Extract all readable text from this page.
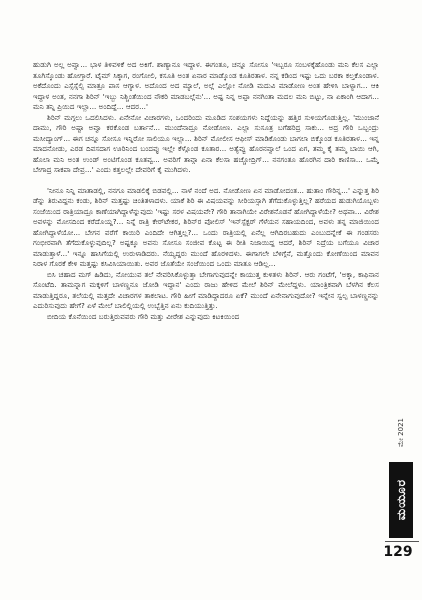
ಹುಡುಗಿ ಅಲ್ಲ ಅವ್ವಾ... ಭಾಳ ತಿಳಿವಳಿಕೆ ಅದ ಅಕಿಗೆ. ಶಾಣ್ಯಾನೂ ಇದ್ದಾಳ. ಈಗಂತೂ, ಚನ್ನೂ ಸೋಸೂ 'ಇಬ್ಬರೂ ಸಂಬಳಕ್ಕೆಹೊಂಡು ಮನಿ ಕೆಲಸ ಎಲ್ಲಾ ತೂಗಿಸ್ಕೊಂಡು ಹೋಗ್ತಾರೆ. ಟೈಮ್ ಸಿಕ್ಕಾಗ, ರಂಗೋಲಿ, ಕಸೂತಿ ಅಂತ ಏನಾರ ಮಾಡ್ಕೊಂಡ ಕೂತಿರತಾಳ. ನನ್ನ ಕಡಿಂದ ಇಷ್ಟು ಒದು ಬರಕಾ ಕಲ್ತಕೊಂಡಾಳ. ಅಕೆದೊಂದು ಎಸ್ಸೆಸ್ಸೆಲ್ಸಿ ಮಾತ್ರೂ ಪಾಸ ಆಗ್ಯಾಳ. ಅದೊಂದ ಅದ ಮ್ಯಾಲೆ, ಅಲ್ಲೆ ಎಲ್ಲೋ ನೋಡಿ ಮದುವಿ ಮಾಡೋಣ ಅಂತ ಹೇಳಿಸಿ ಬಾಳ್ಯಾಗ... ಆಕಿ ಇದ್ದಾಳ ಅಂತ, ನನಗಾ ಶಿರಿನ್ 'ಇಬ್ಬು ನಿಶ್ಚಿಂತೆಯಿಂದ ನೌಕರಿ ಮಾಡಬಲ್ಲೆನು'... ಅಷ್ಟ ನಿನ್ನ ಅಪ್ಪಾ ನನಗಿಂತಾ ಮದಲ ಮನಿ ಬಿಟ್ಟು, ನಾ ಏಕಾಂಗಿ ಆದಾಗ... ಮನಿ ತನ್ನಿ ಪ್ರಿಯಿದ ಇಲ್ಲಾ... ಅಂದಿದ್ದೆ... ಆದರ...'

ಶಿರಿನ್ ಮಗ್ಗಲು ಒದಲಿಸಿದಳು. ಏನೇನೋ ವಿಚಾರಗಳು, ಒಂದರಿಂದು ಮೂಡಿದ ಸಂಶಯಗಳು ನಿದ್ದೆಯನ್ನು ಹತ್ತಿರ ಸುಳಿಯಗೊಡುತ್ತಿಲ್ಲ. 'ಮುಂಜಾನೆ ದಾಮು, ಗೌರಿ ಅಷ್ಟಾ ಅವ್ವಾ ಕರಕೊಂಡ ಬರ್ತಾನೆ... ಮುಂದೆನಾದ್ರೂ ನೋಡೋಣ. ಎಲ್ಲಾ ಸುಸೂತ್ರ ಬಗೆಹರಿದ್ರ ಸಾಕು... ಅದ್ರ ಗೌರಿ ಒಬ್ಬಂದ್ರು ಮಸೀದ್ಯಾಂಗ್... ಈಗ ಚನ್ನೂ ಸೋಸೂ ಇನ್ನಿರೋ ಸಾಲಿಯೂ ಇಲ್ಲಾ... ಶಿರಿನ್ ಮೋಲೀಸ ಆಫೀಸ್ ಮಾಡಿಕೊಂಡು ಬಾಗಲಾ ಬಿಕ್ಕೊಂಡ ಕೂತಿರತಾಳ... ಇನ್ನ ಮಾದನೋಡು, ಎರಡ ದಿವಸದಾಗ ಊರಿನಿಂದ ಬಂದವ್ಳು ಇಲ್ಲೇ ಕೆಳ್ಗೊಂಡ ಕೂತಾರ... ಅತ್ಯೆವ್ವು ಹೊರನವ್ವಾಲೆ ಒಂದ ಏಗ, ತಮ್ಮ ಕೈ ತಮ್ಮ ಬಾಯಿ ಆಗಿ, ಹೊಲಾ ಮನಿ ಅಂತ ಉಂಡ್ ಅಂಟಿಗೊಂಡ ಕೂತವ್ವ... ಅವರಿಗೆ ತಾವ್ಗಾ ಏನಾ ಕೆಲಸಾ ಹಚ್ಚೋದ್ರಿಗ್... ನನಗಂತೂ ಹೊರಗಿನ ದಾರಿ ಕಾಣಿಸಾ... ಒಮ್ಮೆ ಬೇಗಾದ್ರ ಸಾಕಪಾ ದೇವ್ರ...' ಎಂದು ಕತ್ತಲಲ್ಲೇ ದೇವರಿಗೆ ಕೈ ಮುಗಿದಳು.

'ನೀನೂ ನಿನ್ನಿ ಮಾತಾಡಲ್ಲಿ, ನನಗೂ ಮಾಡಲಿಕ್ಕೆ ಬಿಡವಲ್ಲಿ... ನಾಳೆ ನಂದೆ ಅದ. ನೋಡೋಣ ಏನ ಮಾಡೋದಂತ... ಹುತಾಂ ಗೌರಿನ್ನ...' ಎನ್ನುತ್ತ ಶಿರಿ ಡೆನ್ನು ತಿರುವಿದ್ದನು ಕಂಡು, ಶಿರಿನ್ ಮತ್ತಷ್ಟು ಚಿಂತಿತಳಾದಳು. ಯಾಕೆ ಶಿರಿ ಈ ವಿಷಯವನ್ನು ಸೀರಿಯಸ್ಸಾಗಿ ತೆಗೆದುಕೊಳ್ಳುತ್ತಿಲ್ಲ? ಹರೆಯದ ಹುಡುಗಿಯೊಬ್ಬಳು ಸಂಜೆಯಿಂದ ರಾತ್ರಿಯಾದ್ರೂ ಕಾಣೆಯಾಗಿದ್ದಾಳೆನ್ನುವುದು 'ಇಷ್ಟು ಸರಳ ವಿಷಯವೇ? ಗೌರಿ ತಾನಾಗಿಯೇ ವಿರೇಶನೊಡನೆ ಹೋಗಿದ್ದಾಳೆಯೇ? ಅಥವಾ... ವಿರೇಶ ಅವಳನ್ನು ಮೋಸದಿಂದ ಕರೆದೊಯ್ದ?... ನಿನ್ನೆ ರಾತ್ರಿ ಕೇರ್‌ಟೇಕರ, ಶಿರಿನ್‌ರ ಪೋಲಿಸ್ 'ಇನ್‌ಸ್ಪೆಕ್ಟರ್ ಗೆಳೆಯನ ಸಹಾಯದಿಂದ, ಅವಳು ತನ್ನ ಮಾಜಿಯಿಂದ ಹೋಗಿದ್ದಾಳೆಯೋ... ಬೇಗನ ವರೆಗೆ ಕಾಯಿರಿ ಎಂದಿದೇ ಆಗಿತ್ತಲ್ಲ?... ಒಂದು ರಾತ್ರಿಯಲ್ಲಿ ಏನೆಲ್ಲ ಆಗಿದಿರಬಹುದು ಎಂಬುದನ್ನೇಕೆ ಈ ಗಂಡಸರು ಗಂಭೀರವಾಗಿ ತೆಗೆದುಕೊಳ್ಳುವುದಿಲ್ಲ? ಅಷ್ಟಕ್ಕೂ ಅವನು ಸೋಸೂ ಸಂಜೀವ ಕೊಟ್ಟ ಈ ರೀತಿ ನಿಜಾಯಿದ್ದ ಆದರೆ, ಶಿರಿನ್ ನಿದ್ರೆಯ ಬಗೆಯೂ ವಿಚಾರ ಮಾಡುತ್ತಾಳೆ...' ಇನ್ನೂ ಹಾಸಿಗೆಯಲ್ಲಿ ಉರುಳಾಡಿದರು. ನೆಯ್ಯದ್ದರು ಮುಂದೆ ಹೊರಳಿದಳು. ಈಗಾಗಲೇ ಬೆಳಿಗ್ಗೆನೆ, ಮತ್ತೊಂದು ಕೋಣೆಯಿಂದ ಮಾವನ ನಿರಾಳ ಗೊರಕೆ ಕೇಳಿ ಮತ್ತಷ್ಟು ಕಸಿವಿಸಿಯಾಯಿತು. ಅವರ ಜೊತೆಯೇ ಸಂಜೆಯಿಂದ ಒಂದು ಮಾತೂ ಆಡಿಲ್ಲ...

ಬಿಸಿ ಚಹಾದ ಮಗ್ ಹಿಡಿದು, ನೋಯುವ ತಲೆ ನೇವರಿಸಿಕೊಳ್ಳುತ್ತಾ ಬೇಗಾಗುವುದನ್ನೇ ಕಾಯುತ್ತ ಕುಳಿತಳು ಶಿರಿನ್. ಆರು ಗಂಟೆಗೆ, 'ಅಕ್ಕಾ, ಕಾಫಿನಾನ ಸೊಂಟೆದಿ. ತಾಮನ್ನಾಗ ಮಕ್ಕಳಿಗೆ ಬಾಳಣ್ಣನೂ ಜೋಡಿ ಇದ್ದಾನ' ಎಂದು ರಾಜು ಹೇಳಿದ ಮೇಲೆ ಶಿರಿನ್ ಮೇಲೆದ್ದಳು. ಯಾಂತ್ರಿಕವಾಗಿ ಬೆಳಗಿನ ಕೆಲಸ ಮಾಡುತ್ತಿದ್ದರೂ, ತಲೆಯಲ್ಲಿ ಮತ್ತದೇ ವಿಚಾರಗಳ ತಾಕಲಾಟ. ಗೌರಿ ಹೀಗೆ ಮಾಡಿದ್ದಾದರೂ ಏಕೆ? ಮುಂದೆ ಏನೇನಾಗುವುದೋ? ಇನ್ನೇನ ಸ್ವಲ್ಪ ಬಾಳಣ್ಣನನ್ನು ಎದುರಿಸುವುದು ಹೇಗೆ? ಏಳೆ ಮೇಲೆ ಬಾಲಿಲ್ಲಿಯಲ್ಲಿ ಉಬ್ಬೆತ್ತಿನ ಏನು ಕುದಿಯುತ್ತಿತ್ತು.

ಬೀದಿಯ ಕೊನೆಯಿಂದ ಬರುತ್ತಿರುವವರು ಗೌರಿ ಮತ್ತು ವೀರೇಶ ಎನ್ನುವುದು ಕಿಟಕಿಯಿಂದ

ಮೇ 2021
ಮಯೂರ
129
